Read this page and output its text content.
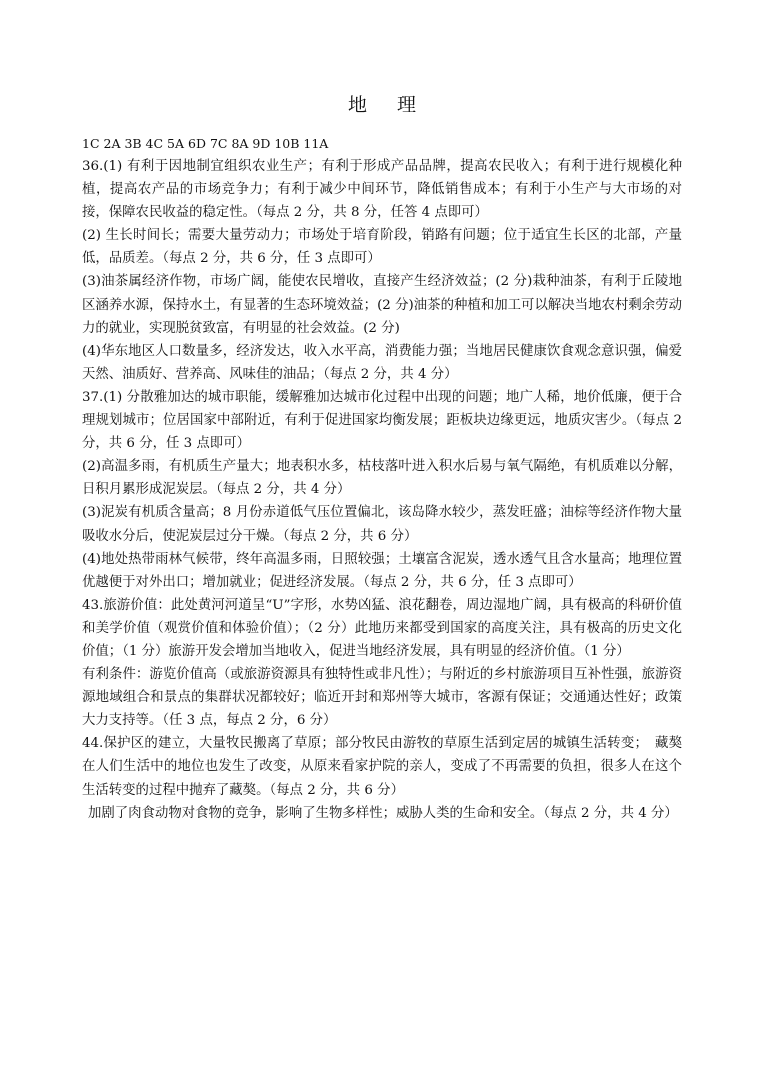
地 理

1C 2A 3B 4C 5A 6D 7C 8A 9D 10B 11A

36.(1) 有利于因地制宜组织农业生产；有利于形成产品品牌，提高农民收入；有利于进行规模化种植，提高农产品的市场竞争力；有利于减少中间环节，降低销售成本；有利于小生产与大市场的对接，保障农民收益的稳定性。（每点 2 分，共 8 分，任答 4 点即可）

(2) 生长时间长；需要大量劳动力；市场处于培育阶段，销路有问题；位于适宜生长区的北部，产量低，品质差。（每点 2 分，共 6 分，任 3 点即可）

(3)油茶属经济作物，市场广阔，能使农民增收，直接产生经济效益；(2 分)栽种油茶，有利于丘陵地区涵养水源，保持水土，有显著的生态环境效益；(2 分)油茶的种植和加工可以解决当地农村剩余劳动力的就业，实现脱贫致富，有明显的社会效益。(2 分)

(4)华东地区人口数量多，经济发达，收入水平高，消费能力强；当地居民健康饮食观念意识强，偏爱天然、油质好、营养高、风味佳的油品；（每点 2 分，共 4 分）

37.(1) 分散雅加达的城市职能，缓解雅加达城市化过程中出现的问题；地广人稀，地价低廉，便于合理规划城市；位居国家中部附近，有利于促进国家均衡发展；距板块边缘更远，地质灾害少。（每点 2 分，共 6 分，任 3 点即可）

(2)高温多雨，有机质生产量大；地表积水多，枯枝落叶进入积水后易与氧气隔绝，有机质难以分解，日积月累形成泥炭层。（每点 2 分，共 4 分）

(3)泥炭有机质含量高；8 月份赤道低气压位置偏北，该岛降水较少，蒸发旺盛；油棕等经济作物大量吸收水分后，使泥炭层过分干燥。（每点 2 分，共 6 分）

(4)地处热带雨林气候带，终年高温多雨，日照较强；土壤富含泥炭，透水透气且含水量高；地理位置优越便于对外出口；增加就业；促进经济发展。（每点 2 分，共 6 分，任 3 点即可）

43.旅游价值：此处黄河河道呈“U”字形，水势凶猛、浪花翻卷，周边湿地广阔，具有极高的科研价值和美学价值（观赏价值和体验价值）；（2 分）此地历来都受到国家的高度关注，具有极高的历史文化价值；（1 分）旅游开发会增加当地收入，促进当地经济发展，具有明显的经济价值。（1 分）

有利条件：游览价值高（或旅游资源具有独特性或非凡性）；与附近的乡村旅游项目互补性强，旅游资源地域组合和景点的集群状况都较好；临近开封和郑州等大城市，客源有保证；交通通达性好；政策大力支持等。（任 3 点，每点 2 分，6 分）

44.保护区的建立，大量牧民搬离了草原；部分牧民由游牧的草原生活到定居的城镇生活转变；　藏獒在人们生活中的地位也发生了改变，从原来看家护院的亲人，变成了不再需要的负担，很多人在这个生活转变的过程中抛弃了藏獒。（每点 2 分，共 6 分）

加剧了肉食动物对食物的竞争，影响了生物多样性；威胁人类的生命和安全。（每点 2 分，共 4 分）
